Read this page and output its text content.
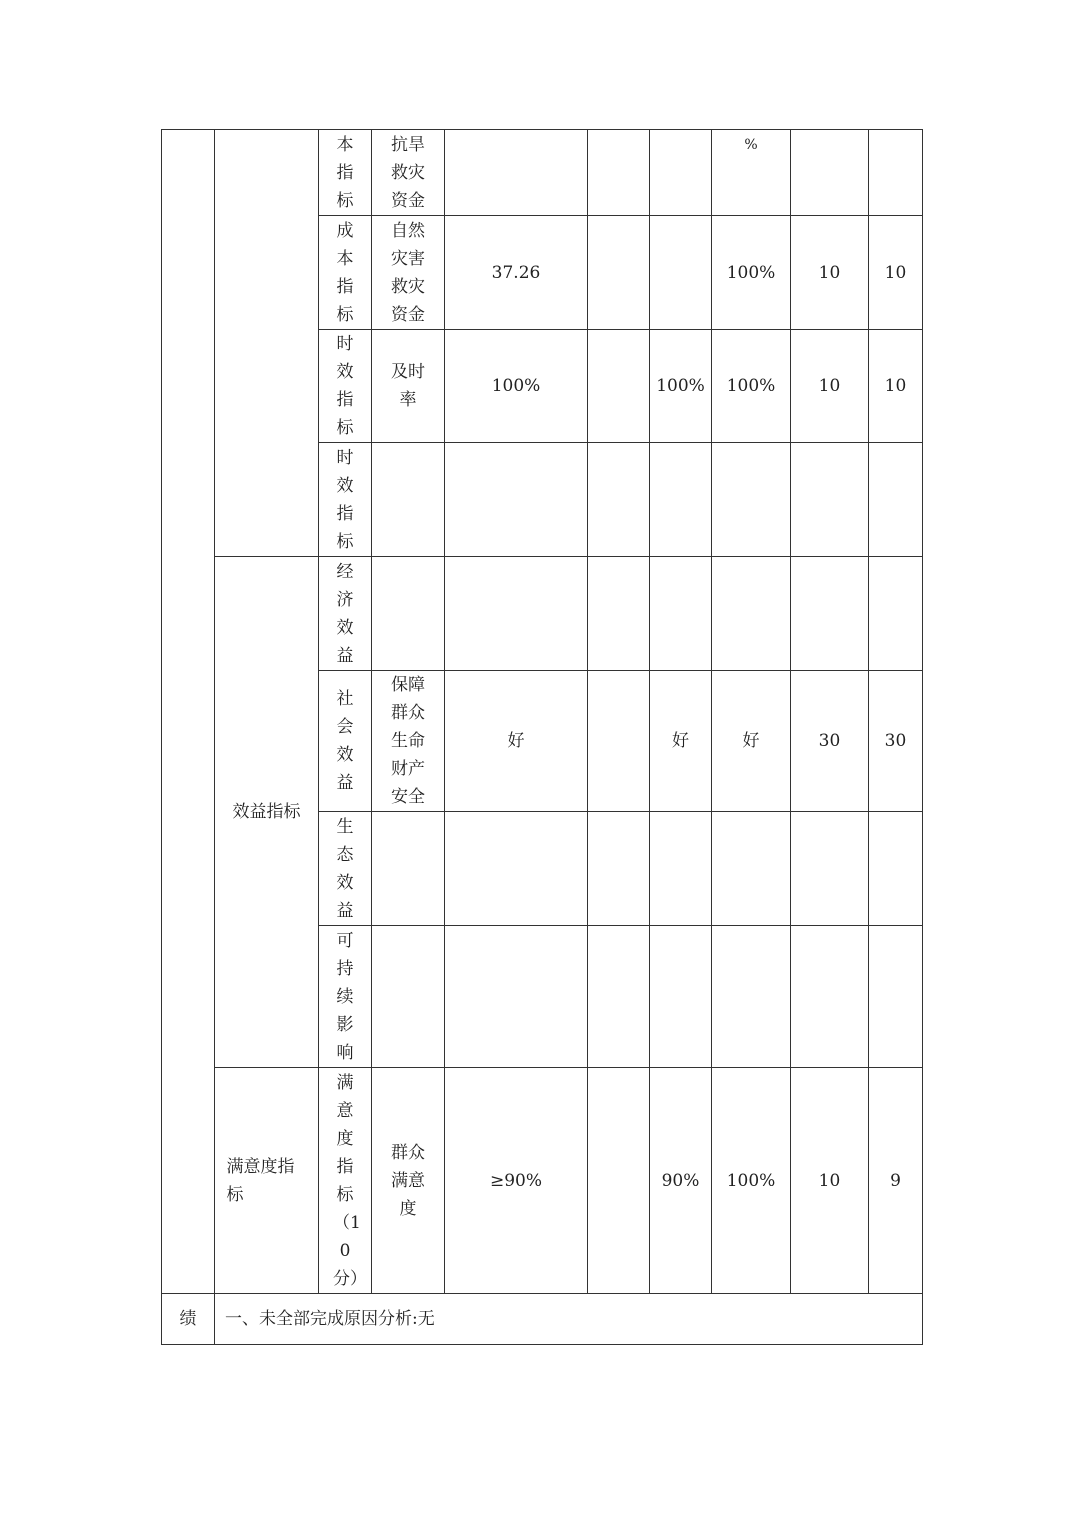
		本指标	抗旱救灾资金				%		

		成本指标	自然灾害救灾资金	37.26			100%	10	10

		时效指标	及时率	100%		100%	100%	10	10

		时效指标							

	效益指标	经济效益							

		社会效益	保障群众生命财产安全	好		好	好	30	30

		生态效益							

		可持续影响							

	满意度指标	满意度指标（10分）	群众满意度	≥90%		90%	100%	10	9
绩	一、未全部完成原因分析:无								
